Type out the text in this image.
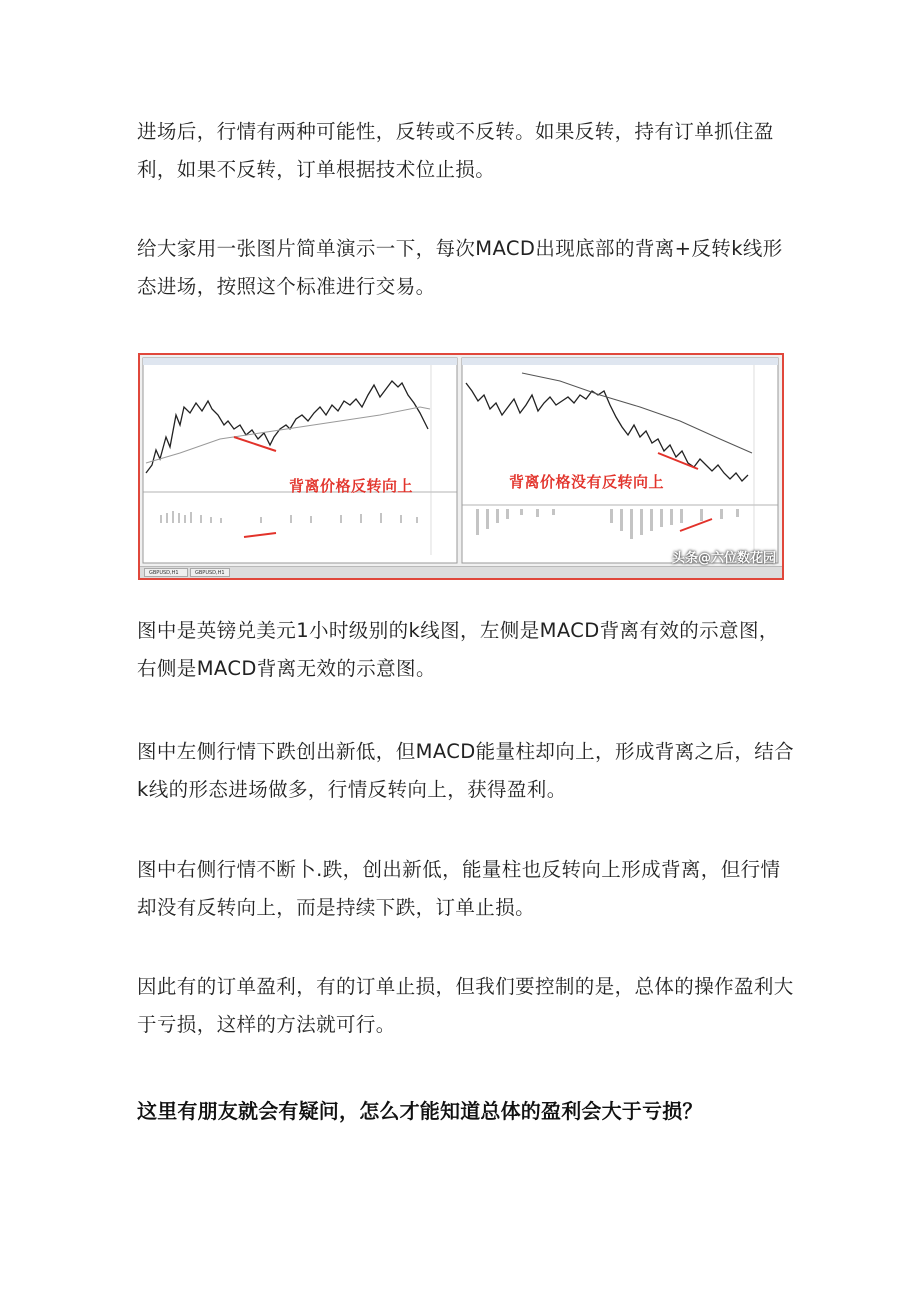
进场后，行情有两种可能性，反转或不反转。如果反转，持有订单抓住盈利，如果不反转，订单根据技术位止损。

给大家用一张图片简单演示一下，每次MACD出现底部的背离+反转k线形态进场，按照这个标准进行交易。

背离价格反转向上	背离价格没有反转向上
头条@六位数花园
GBPUSD,H1	GBPUSD,H1

图中是英镑兑美元1小时级别的k线图，左侧是MACD背离有效的示意图，右侧是MACD背离无效的示意图。

图中左侧行情下跌创出新低，但MACD能量柱却向上，形成背离之后，结合k线的形态进场做多，行情反转向上，获得盈利。

图中右侧行情不断卜.跌，创出新低，能量柱也反转向上形成背离，但行情却没有反转向上，而是持续下跌，订单止损。

因此有的订单盈利，有的订单止损，但我们要控制的是，总体的操作盈利大于亏损，这样的方法就可行。

这里有朋友就会有疑问，怎么才能知道总体的盈利会大于亏损？
